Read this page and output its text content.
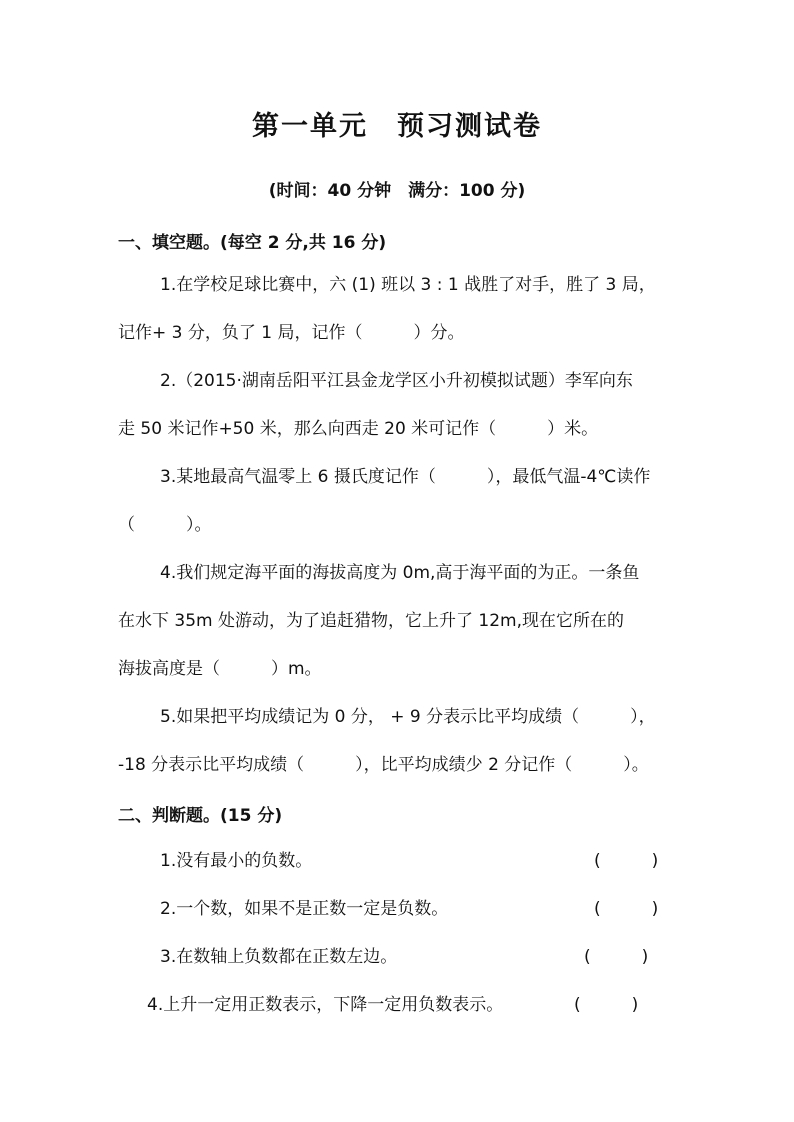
第一单元　预习测试卷
(时间：40 分钟　满分：100 分)
一、填空题。(每空 2 分,共 16 分)
1.在学校足球比赛中，六 (1) 班以 3 : 1 战胜了对手，胜了 3 局，
记作+ 3 分，负了 1 局，记作（　　　）分。
2.（2015·湖南岳阳平江县金龙学区小升初模拟试题）李军向东
走 50 米记作+50 米，那么向西走 20 米可记作（　　　）米。
3.某地最高气温零上 6 摄氏度记作（　　　），最低气温-4℃读作
（　　　）。
4.我们规定海平面的海拔高度为 0m,高于海平面的为正。一条鱼
在水下 35m 处游动，为了追赶猎物，它上升了 12m,现在它所在的
海拔高度是（　　　）m。
5.如果把平均成绩记为 0 分， + 9 分表示比平均成绩（　　　），
-18 分表示比平均成绩（　　　），比平均成绩少 2 分记作（　　　）。
二、判断题。(15 分)
1.没有最小的负数。	(　　　)
2.一个数，如果不是正数一定是负数。	(　　　)
3.在数轴上负数都在正数左边。	(　　　)
4.上升一定用正数表示，下降一定用负数表示。	(　　　)
